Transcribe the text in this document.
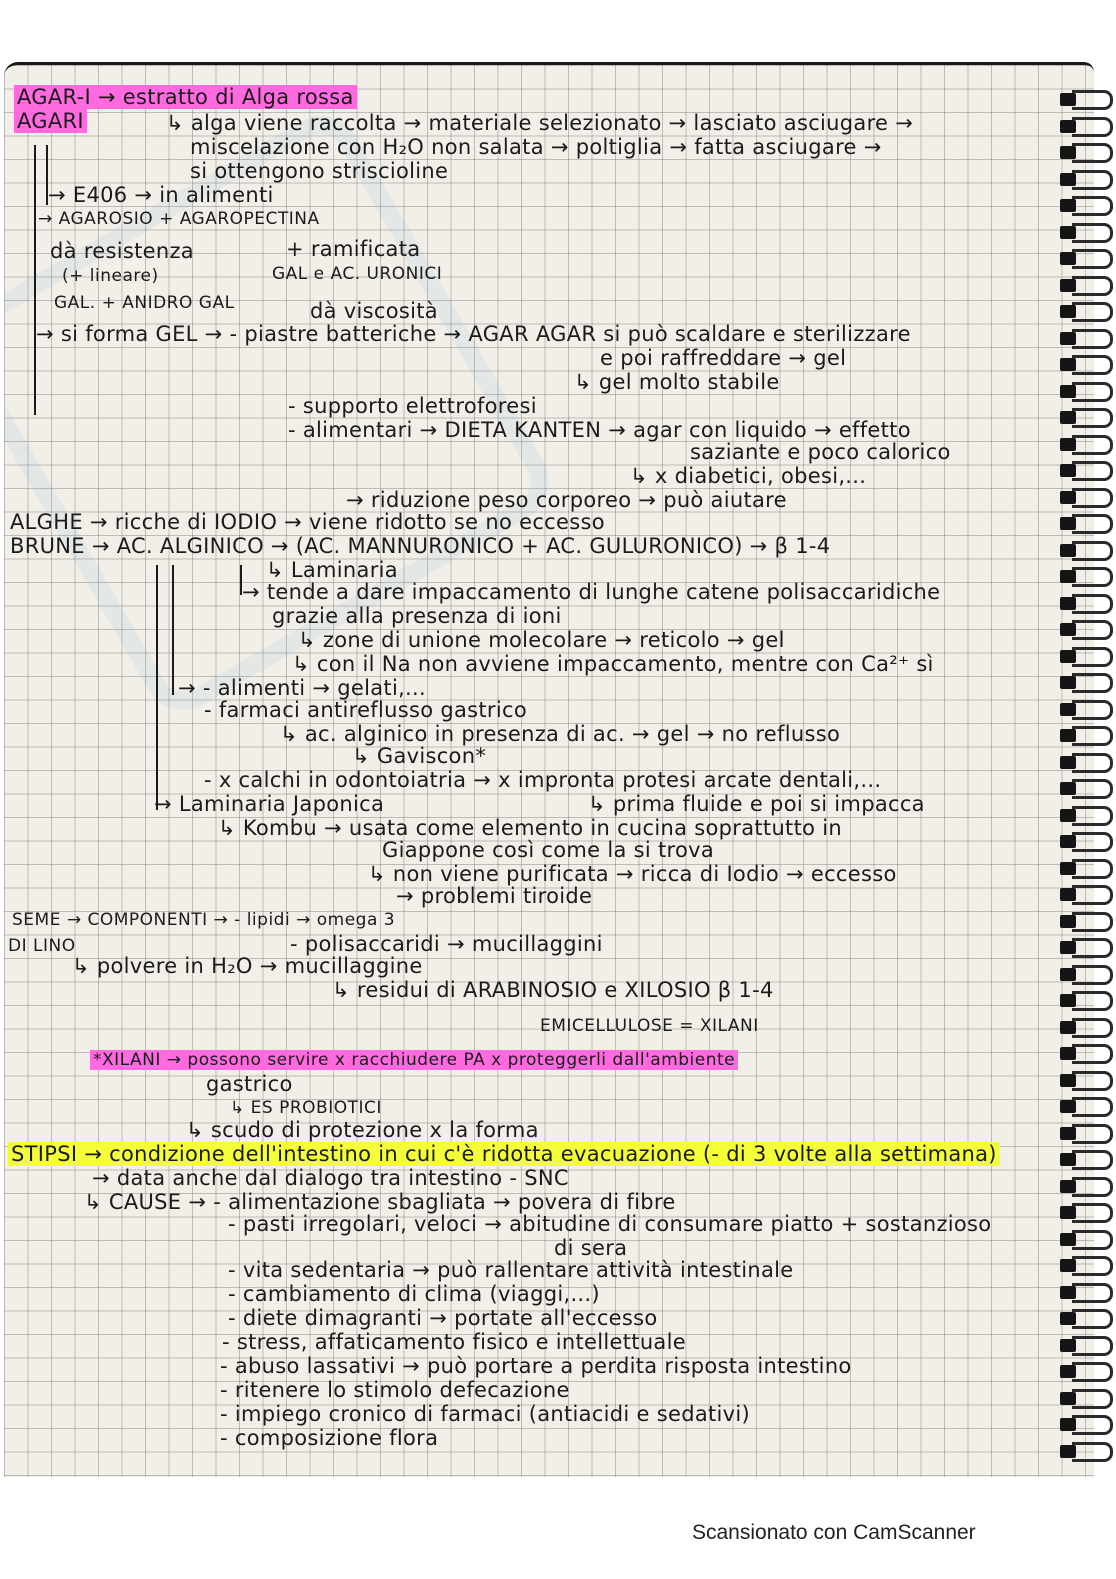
AGAR-I → estratto di Alga rossa
AGARI	↳ alga viene raccolta → materiale selezionato → lasciato asciugare →
miscelazione con H₂O non salata → poltiglia → fatta asciugare →
si ottengono striscioline
→ E406 → in alimenti
→ AGAROSIO + AGAROPECTINA
dà resistenza	+ ramificata
(+ lineare)	GAL e AC. URONICI
GAL. + ANIDRO GAL	dà viscosità
→ si forma GEL → - piastre batteriche → AGAR AGAR si può scaldare e sterilizzare
e poi raffreddare → gel
↳ gel molto stabile
- supporto elettroforesi
- alimentari → DIETA KANTEN → agar con liquido → effetto
saziante e poco calorico
↳ x diabetici, obesi,...
→ riduzione peso corporeo → può aiutare
ALGHE → ricche di IODIO → viene ridotto se no eccesso
BRUNE → AC. ALGINICO → (AC. MANNURONICO + AC. GULURONICO) → β 1-4
↳ Laminaria
→ tende a dare impaccamento di lunghe catene polisaccaridiche
grazie alla presenza di ioni
↳ zone di unione molecolare → reticolo → gel
↳ con il Na non avviene impaccamento, mentre con Ca²⁺ sì
→ - alimenti → gelati,...
- farmaci antireflusso gastrico
↳ ac. alginico in presenza di ac. → gel → no reflusso
↳ Gaviscon*
- x calchi in odontoiatria → x impronta protesi arcate dentali,...
→ Laminaria Japonica	↳ prima fluide e poi si impacca
↳ Kombu → usata come elemento in cucina soprattutto in
Giappone così come la si trova
↳ non viene purificata → ricca di Iodio → eccesso
→ problemi tiroide
SEME → COMPONENTI → - lipidi → omega 3
DI LINO	- polisaccaridi → mucillaggini
↳ polvere in H₂O → mucillaggine
↳ residui di ARABINOSIO e XILOSIO β 1-4
EMICELLULOSE = XILANI
*XILANI → possono servire x racchiudere PA x proteggerli dall'ambiente
gastrico
↳ ES PROBIOTICI
↳ scudo di protezione x la forma
STIPSI → condizione dell'intestino in cui c'è ridotta evacuazione (- di 3 volte alla settimana)
→ data anche dal dialogo tra intestino - SNC
↳ CAUSE → - alimentazione sbagliata → povera di fibre
- pasti irregolari, veloci → abitudine di consumare piatto + sostanzioso
di sera
- vita sedentaria → può rallentare attività intestinale
- cambiamento di clima (viaggi,...)
- diete dimagranti → portate all'eccesso
- stress, affaticamento fisico e intellettuale
- abuso lassativi → può portare a perdita risposta intestino
- ritenere lo stimolo defecazione
- impiego cronico di farmaci (antiacidi e sedativi)
- composizione flora
Scansionato con CamScanner
